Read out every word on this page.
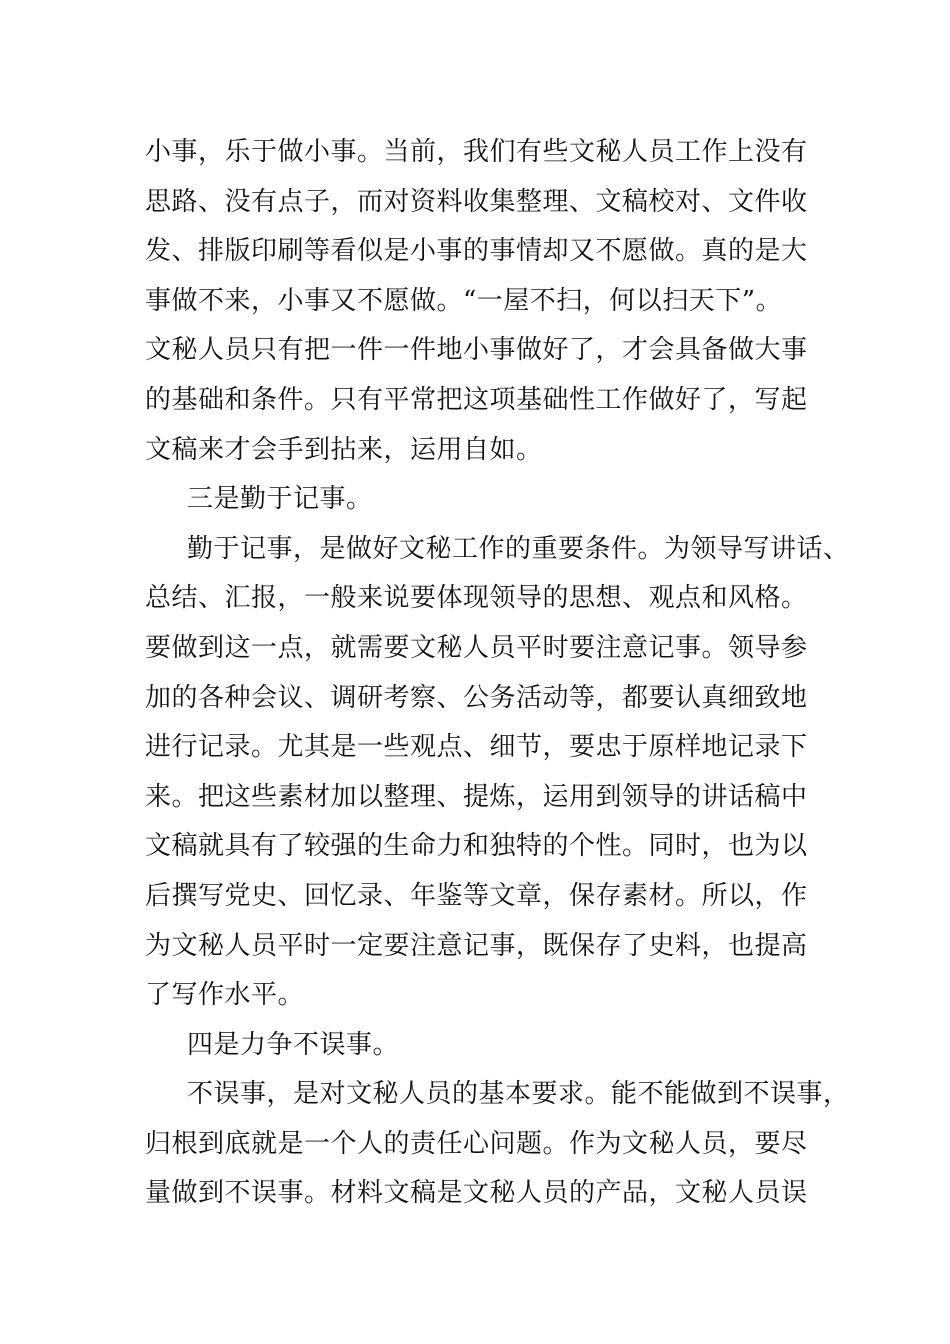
小事，乐于做小事。当前，我们有些文秘人员工作上没有
思路、没有点子，而对资料收集整理、文稿校对、文件收
发、排版印刷等看似是小事的事情却又不愿做。真的是大
事做不来，小事又不愿做。“一屋不扫，何以扫天下”。
文秘人员只有把一件一件地小事做好了，才会具备做大事
的基础和条件。只有平常把这项基础性工作做好了，写起
文稿来才会手到拈来，运用自如。
三是勤于记事。
勤于记事，是做好文秘工作的重要条件。为领导写讲话、
总结、汇报，一般来说要体现领导的思想、观点和风格。
要做到这一点，就需要文秘人员平时要注意记事。领导参
加的各种会议、调研考察、公务活动等，都要认真细致地
进行记录。尤其是一些观点、细节，要忠于原样地记录下
来。把这些素材加以整理、提炼，运用到领导的讲话稿中
文稿就具有了较强的生命力和独特的个性。同时，也为以
后撰写党史、回忆录、年鉴等文章，保存素材。所以，作
为文秘人员平时一定要注意记事，既保存了史料，也提高
了写作水平。
四是力争不误事。
不误事，是对文秘人员的基本要求。能不能做到不误事，
归根到底就是一个人的责任心问题。作为文秘人员，要尽
量做到不误事。材料文稿是文秘人员的产品，文秘人员误
